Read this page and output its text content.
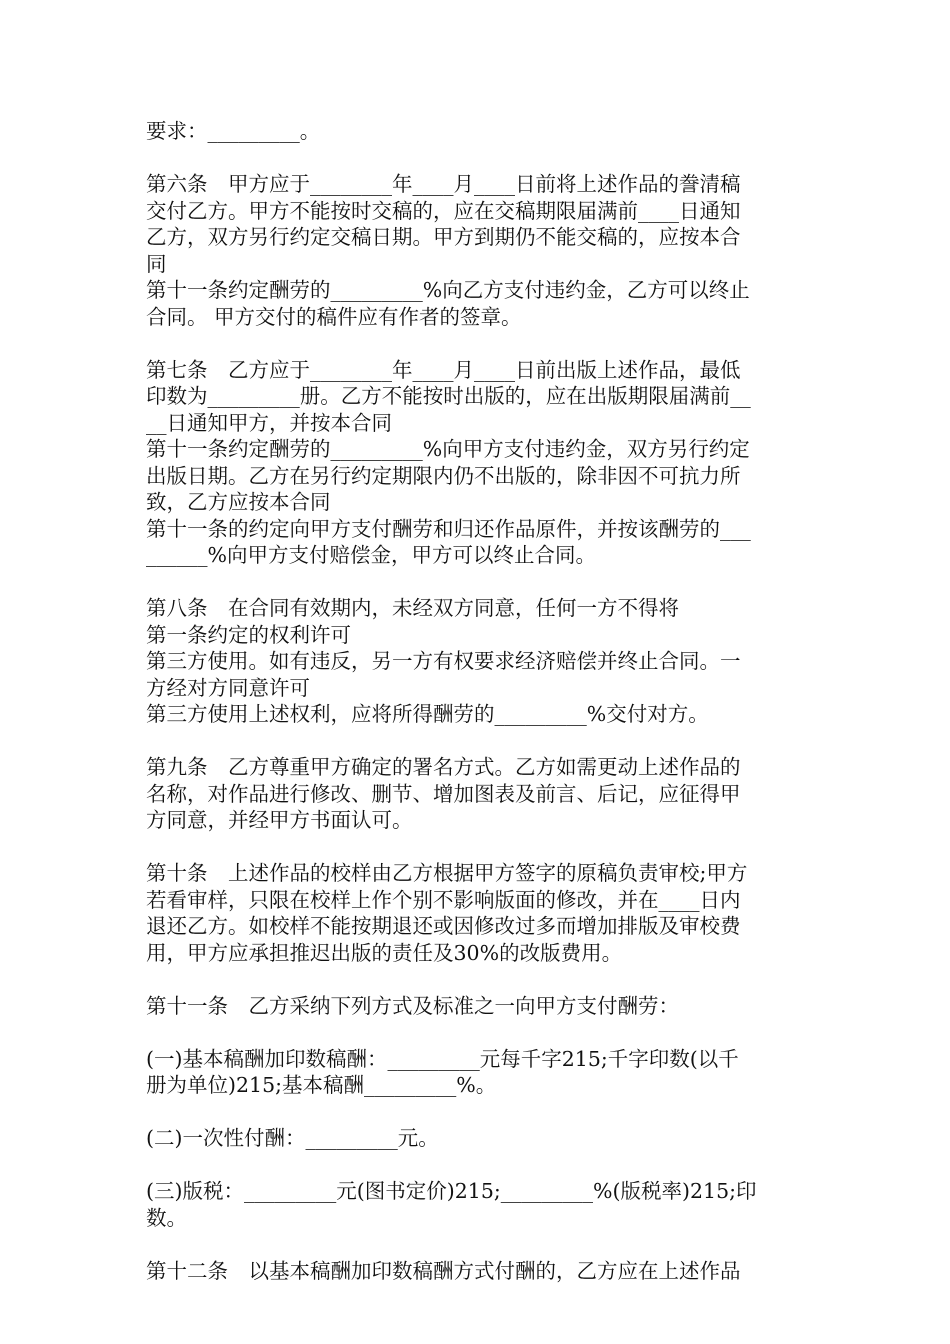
要求：_________。
第六条　甲方应于________年____月____日前将上述作品的誊清稿
交付乙方。甲方不能按时交稿的，应在交稿期限届满前____日通知
乙方，双方另行约定交稿日期。甲方到期仍不能交稿的，应按本合
同
第十一条约定酬劳的_________%向乙方支付违约金，乙方可以终止
合同。 甲方交付的稿件应有作者的签章。
第七条　乙方应于________年____月____日前出版上述作品，最低
印数为_________册。乙方不能按时出版的，应在出版期限届满前__
__日通知甲方，并按本合同
第十一条约定酬劳的_________%向甲方支付违约金，双方另行约定
出版日期。乙方在另行约定期限内仍不出版的，除非因不可抗力所
致，乙方应按本合同
第十一条的约定向甲方支付酬劳和归还作品原件，并按该酬劳的___
______%向甲方支付赔偿金，甲方可以终止合同。
第八条　在合同有效期内，未经双方同意，任何一方不得将
第一条约定的权利许可
第三方使用。如有违反，另一方有权要求经济赔偿并终止合同。一
方经对方同意许可
第三方使用上述权利，应将所得酬劳的_________%交付对方。
第九条　乙方尊重甲方确定的署名方式。乙方如需更动上述作品的
名称，对作品进行修改、删节、增加图表及前言、后记，应征得甲
方同意，并经甲方书面认可。
第十条　上述作品的校样由乙方根据甲方签字的原稿负责审校;甲方
若看审样，只限在校样上作个别不影响版面的修改，并在____日内
退还乙方。如校样不能按期退还或因修改过多而增加排版及审校费
用，甲方应承担推迟出版的责任及30%的改版费用。
第十一条　乙方采纳下列方式及标准之一向甲方支付酬劳：
(一)基本稿酬加印数稿酬：_________元每千字215;千字印数(以千
册为单位)215;基本稿酬_________%。
(二)一次性付酬：_________元。
(三)版税：_________元(图书定价)215;_________%(版税率)215;印
数。
第十二条　以基本稿酬加印数稿酬方式付酬的，乙方应在上述作品
